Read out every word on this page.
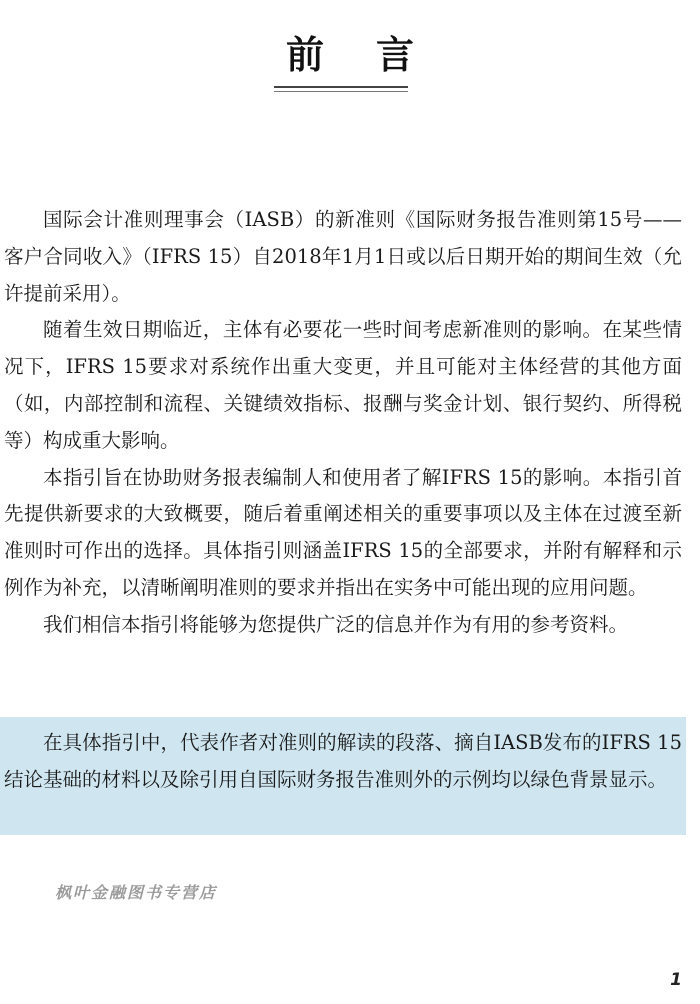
前言

国际会计准则理事会（IASB）的新准则《国际财务报告准则第15号——客户合同收入》（IFRS 15）自2018年1月1日或以后日期开始的期间生效（允许提前采用）。

随着生效日期临近，主体有必要花一些时间考虑新准则的影响。在某些情况下，IFRS 15要求对系统作出重大变更，并且可能对主体经营的其他方面（如，内部控制和流程、关键绩效指标、报酬与奖金计划、银行契约、所得税等）构成重大影响。

本指引旨在协助财务报表编制人和使用者了解IFRS 15的影响。本指引首先提供新要求的大致概要，随后着重阐述相关的重要事项以及主体在过渡至新准则时可作出的选择。具体指引则涵盖IFRS 15的全部要求，并附有解释和示例作为补充，以清晰阐明准则的要求并指出在实务中可能出现的应用问题。

我们相信本指引将能够为您提供广泛的信息并作为有用的参考资料。

在具体指引中，代表作者对准则的解读的段落、摘自IASB发布的IFRS 15结论基础的材料以及除引用自国际财务报告准则外的示例均以绿色背景显示。

枫叶金融图书专营店
1
